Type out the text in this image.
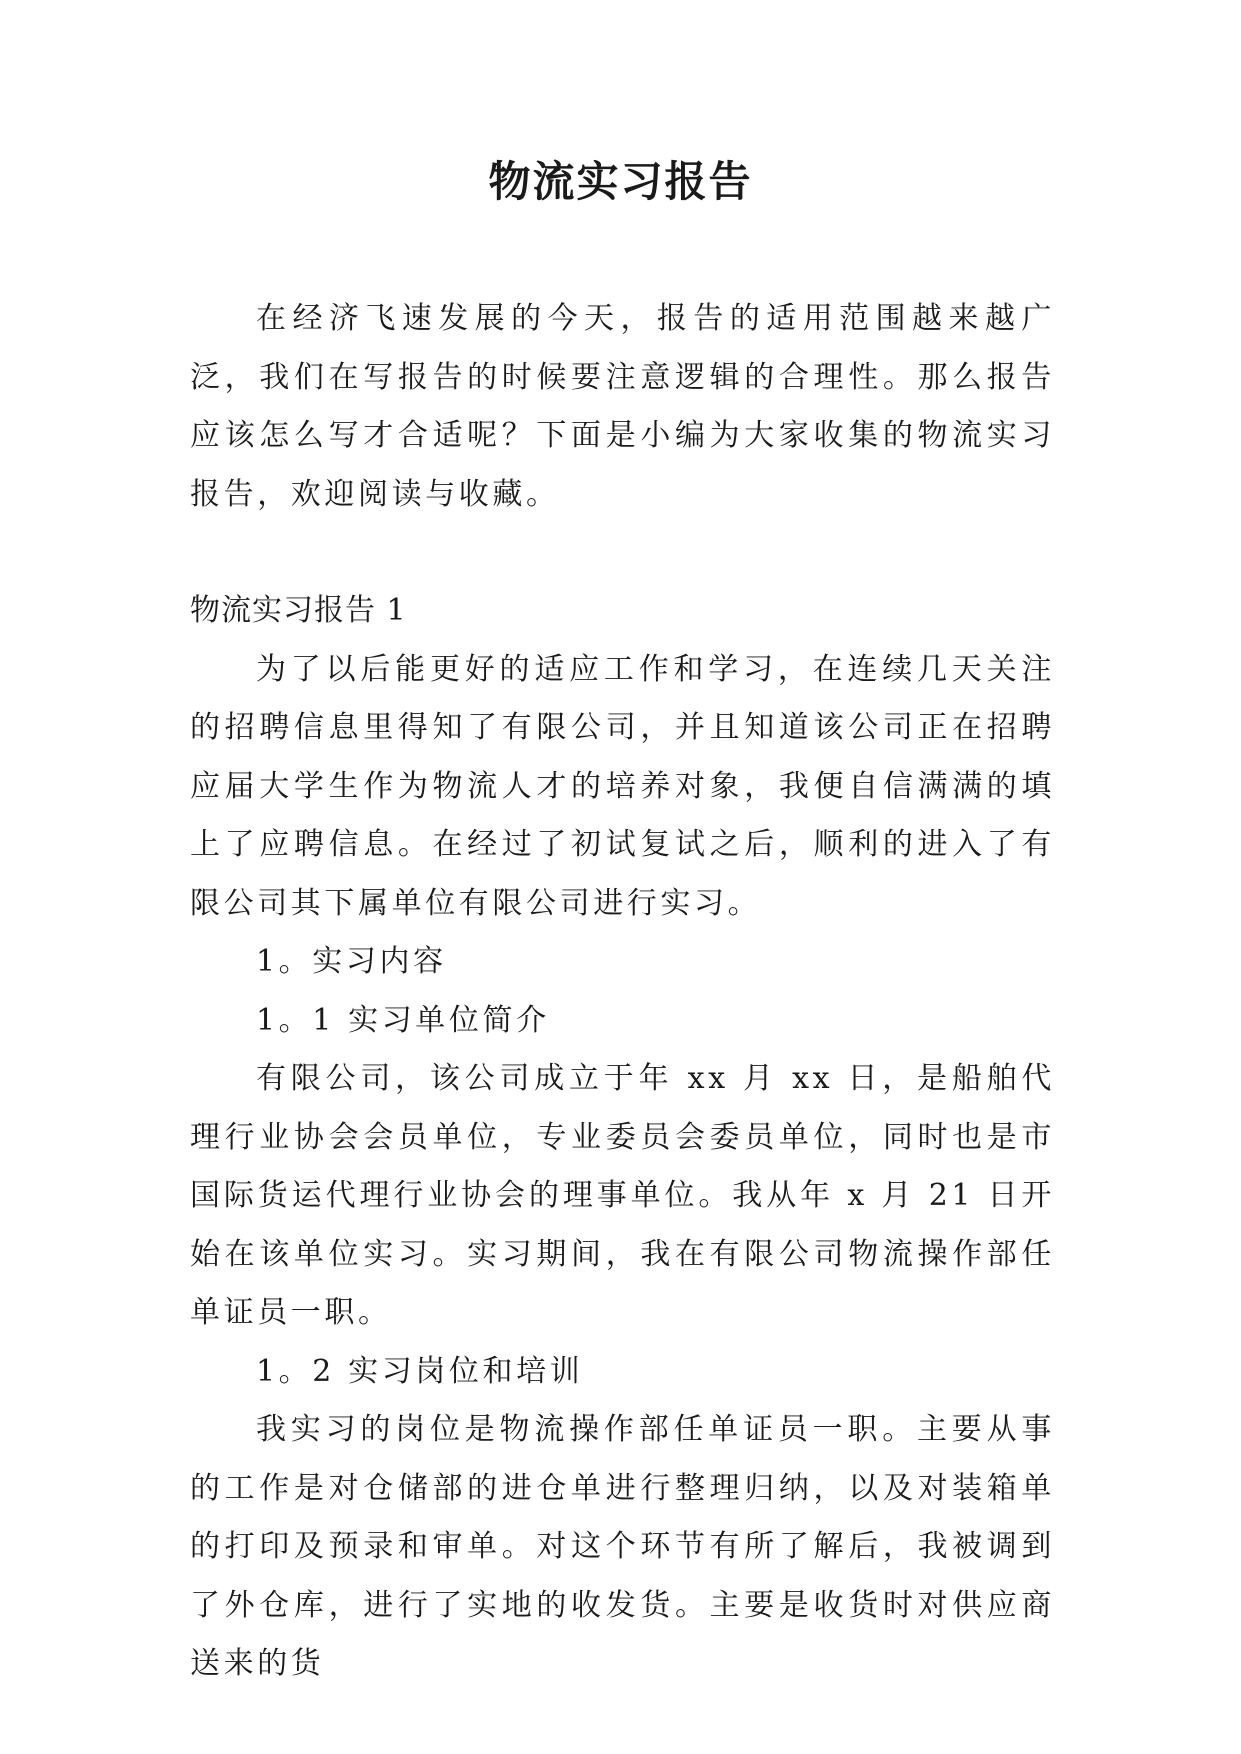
物流实习报告

在经济飞速发展的今天，报告的适用范围越来越广泛，我们在写报告的时候要注意逻辑的合理性。那么报告应该怎么写才合适呢？下面是小编为大家收集的物流实习报告，欢迎阅读与收藏。

物流实习报告 1

为了以后能更好的适应工作和学习，在连续几天关注的招聘信息里得知了有限公司，并且知道该公司正在招聘应届大学生作为物流人才的培养对象，我便自信满满的填上了应聘信息。在经过了初试复试之后，顺利的进入了有限公司其下属单位有限公司进行实习。

1。实习内容

1。1 实习单位简介

有限公司，该公司成立于年 xx 月 xx 日，是船舶代理行业协会会员单位，专业委员会委员单位，同时也是市国际货运代理行业协会的理事单位。我从年 x 月 21 日开始在该单位实习。实习期间，我在有限公司物流操作部任单证员一职。

1。2 实习岗位和培训

我实习的岗位是物流操作部任单证员一职。主要从事的工作是对仓储部的进仓单进行整理归纳，以及对装箱单的打印及预录和审单。对这个环节有所了解后，我被调到了外仓库，进行了实地的收发货。主要是收货时对供应商送来的货
